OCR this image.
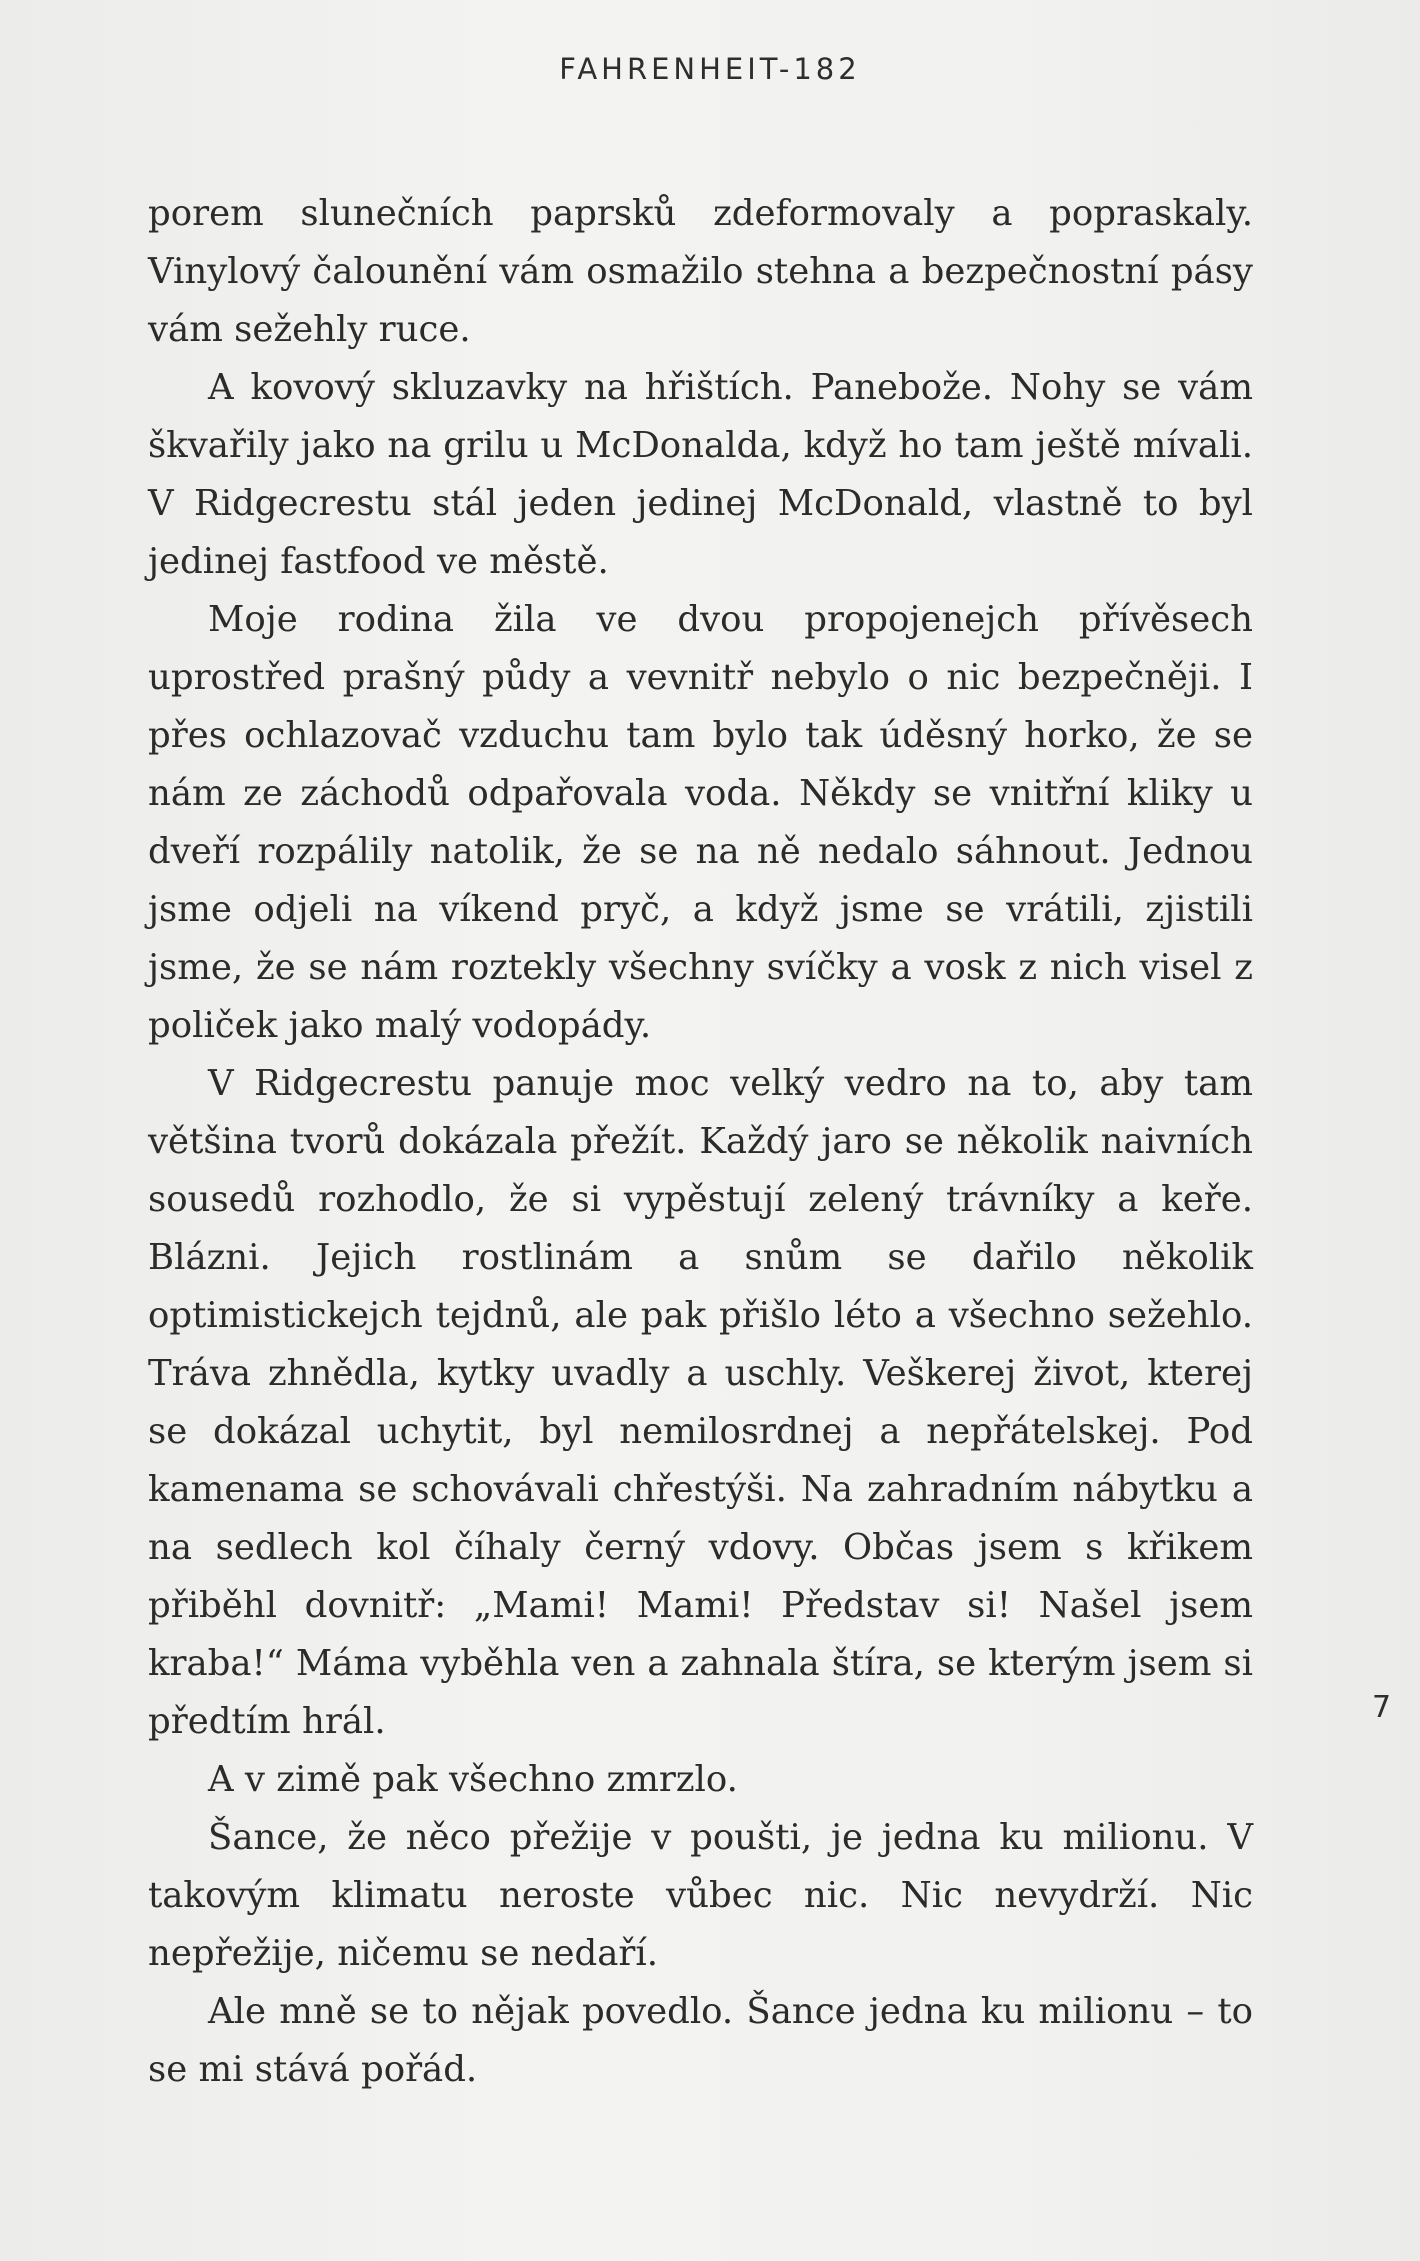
FAHRENHEIT-182

porem slunečních paprsků zdeformovaly a popraskaly. Vinylový čalounění vám osmažilo stehna a bezpečnostní pásy vám sežehly ruce.

A kovový skluzavky na hřištích. Panebože. Nohy se vám škvařily jako na grilu u McDonalda, když ho tam ještě mívali. V Ridgecrestu stál jeden jedinej McDonald, vlastně to byl jedinej fastfood ve městě.

Moje rodina žila ve dvou propojenejch přívěsech uprostřed prašný půdy a vevnitř nebylo o nic bezpečněji. I přes ochlazovač vzduchu tam bylo tak úděsný horko, že se nám ze záchodů odpařovala voda. Někdy se vnitřní kliky u dveří rozpálily natolik, že se na ně nedalo sáhnout. Jednou jsme odjeli na víkend pryč, a když jsme se vrátili, zjistili jsme, že se nám roztekly všechny svíčky a vosk z nich visel z poliček jako malý vodopády.

V Ridgecrestu panuje moc velký vedro na to, aby tam většina tvorů dokázala přežít. Každý jaro se několik naivních sousedů rozhodlo, že si vypěstují zelený trávníky a keře. Blázni. Jejich rostlinám a snům se dařilo několik optimistickejch tejdnů, ale pak přišlo léto a všechno sežehlo. Tráva zhnědla, kytky uvadly a uschly. Veškerej život, kterej se dokázal uchytit, byl nemilosrdnej a nepřátelskej. Pod kamenama se schovávali chřestýši. Na zahradním nábytku a na sedlech kol číhaly černý vdovy. Občas jsem s křikem přiběhl dovnitř: „Mami! Mami! Představ si! Našel jsem kraba!“ Máma vyběhla ven a zahnala štíra, se kterým jsem si předtím hrál.

A v zimě pak všechno zmrzlo.

Šance, že něco přežije v poušti, je jedna ku milionu. V takovým klimatu neroste vůbec nic. Nic nevydrží. Nic nepřežije, ničemu se nedaří.

Ale mně se to nějak povedlo. Šance jedna ku milionu – to se mi stává pořád.

7
